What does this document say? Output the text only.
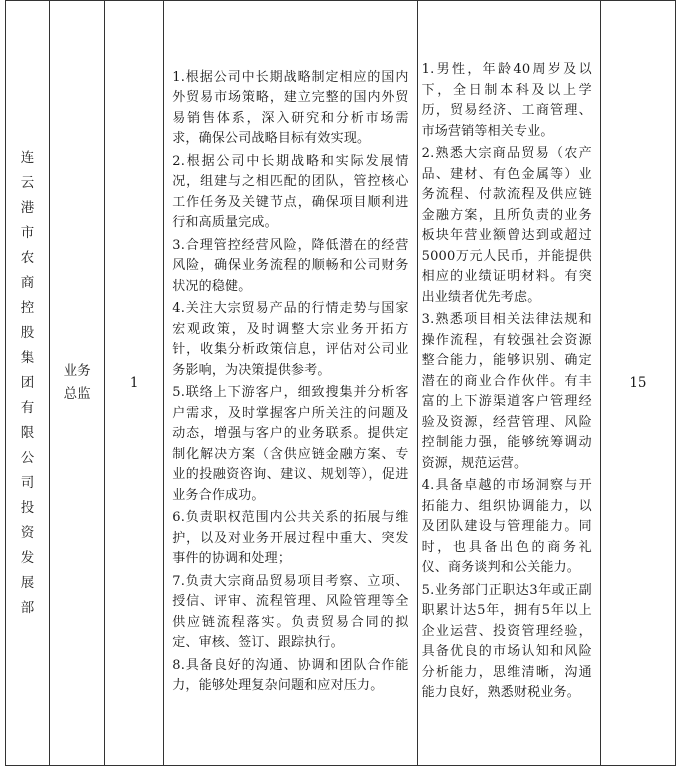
连云港市农商控股集团有限公司投资发展部

业务总监

1

1.根据公司中长期战略制定相应的国内外贸易市场策略，建立完整的国内外贸易销售体系，深入研究和分析市场需求，确保公司战略目标有效实现。
2.根据公司中长期战略和实际发展情况，组建与之相匹配的团队，管控核心工作任务及关键节点，确保项目顺利进行和高质量完成。
3.合理管控经营风险，降低潜在的经营风险，确保业务流程的顺畅和公司财务状况的稳健。
4.关注大宗贸易产品的行情走势与国家宏观政策，及时调整大宗业务开拓方针，收集分析政策信息，评估对公司业务影响，为决策提供参考。
5.联络上下游客户，细致搜集并分析客户需求，及时掌握客户所关注的问题及动态，增强与客户的业务联系。提供定制化解决方案（含供应链金融方案、专业的投融资咨询、建议、规划等），促进业务合作成功。
6.负责职权范围内公共关系的拓展与维护，以及对业务开展过程中重大、突发事件的协调和处理；
7.负责大宗商品贸易项目考察、立项、授信、评审、流程管理、风险管理等全供应链流程落实。负责贸易合同的拟定、审核、签订、跟踪执行。
8.具备良好的沟通、协调和团队合作能力，能够处理复杂问题和应对压力。

1.男性，年龄40周岁及以下，全日制本科及以上学历，贸易经济、工商管理、市场营销等相关专业。
2.熟悉大宗商品贸易（农产品、建材、有色金属等）业务流程、付款流程及供应链金融方案，且所负责的业务板块年营业额曾达到或超过5000万元人民币，并能提供相应的业绩证明材料。有突出业绩者优先考虑。
3.熟悉项目相关法律法规和操作流程，有较强社会资源整合能力，能够识别、确定潜在的商业合作伙伴。有丰富的上下游渠道客户管理经验及资源，经营管理、风险控制能力强，能够统筹调动资源，规范运营。
4.具备卓越的市场洞察与开拓能力、组织协调能力，以及团队建设与管理能力。同时，也具备出色的商务礼仪、商务谈判和公关能力。
5.业务部门正职达3年或正副职累计达5年，拥有5年以上企业运营、投资管理经验，具备优良的市场认知和风险分析能力，思维清晰，沟通能力良好，熟悉财税业务。

15
